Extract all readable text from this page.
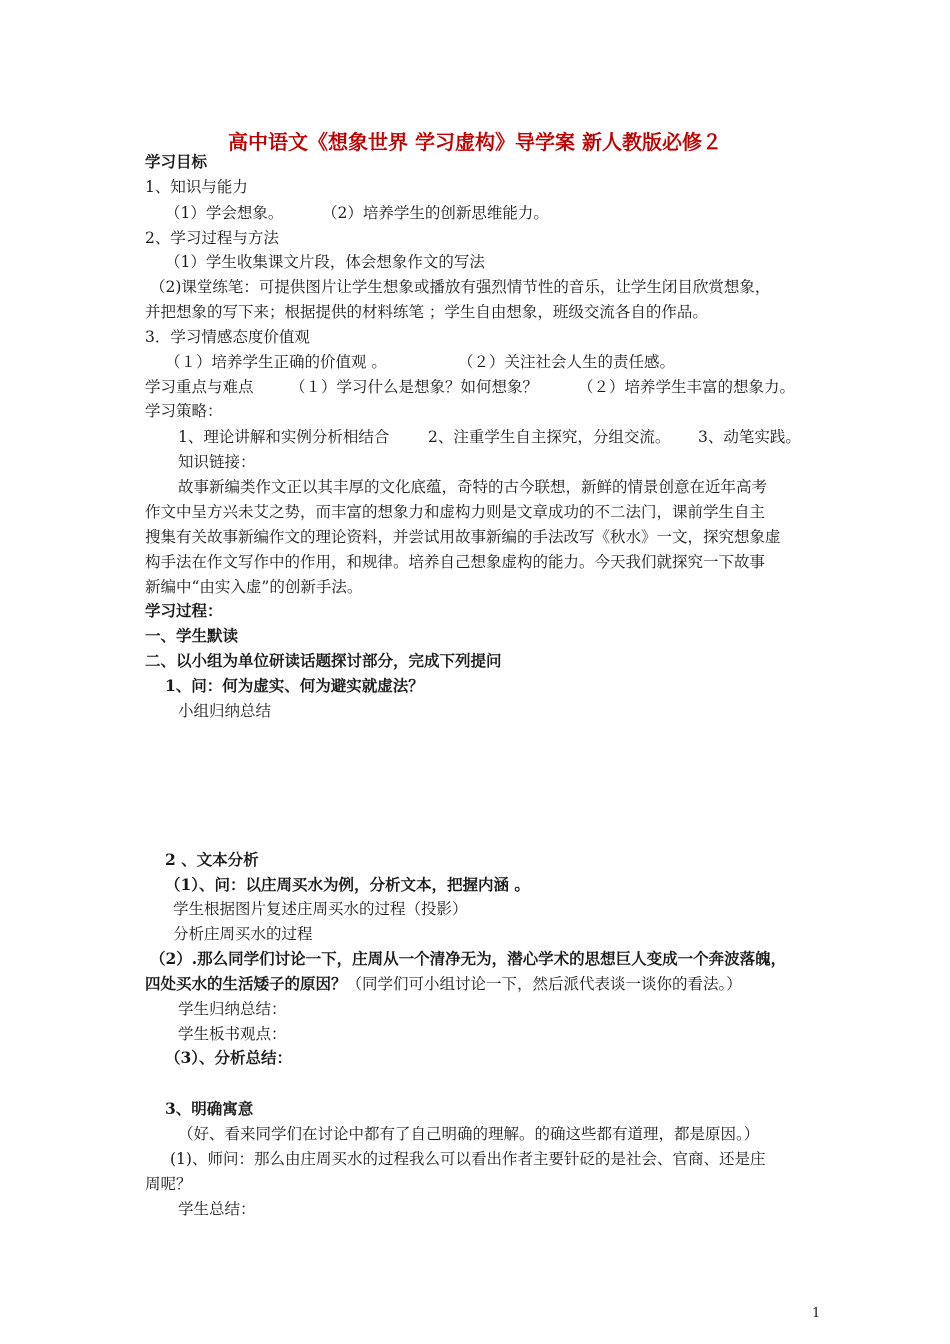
高中语文《想象世界 学习虚构》导学案 新人教版必修２
学习目标
1、知识与能力
（1）学会想象。 （2）培养学生的创新思维能力。
2、学习过程与方法
（1）学生收集课文片段，体会想象作文的写法
（2)课堂练笔：可提供图片让学生想象或播放有强烈情节性的音乐，让学生闭目欣赏想象，
并把想象的写下来；根据提供的材料练笔 ；学生自由想象，班级交流各自的作品。
3．学习情感态度价值观
（１）培养学生正确的价值观 。	（２）关注社会人生的责任感。
学习重点与难点 （１）学习什么是想象？如何想象？	（２）培养学生丰富的想象力。
学习策略：
1、理论讲解和实例分析相结合 2、注重学生自主探究，分组交流。 3、动笔实践。
知识链接：
故事新编类作文正以其丰厚的文化底蕴，奇特的古今联想，新鲜的情景创意在近年高考
作文中呈方兴未艾之势，而丰富的想象力和虚构力则是文章成功的不二法门，课前学生自主
搜集有关故事新编作文的理论资料，并尝试用故事新编的手法改写《秋水》一文，探究想象虚
构手法在作文写作中的作用，和规律。培养自己想象虚构的能力。今天我们就探究一下故事
新编中“由实入虚”的创新手法。
学习过程：
一、学生默读
二、以小组为单位研读话题探讨部分，完成下列提问
1、问：何为虚实、何为避实就虚法？
小组归纳总结
2 、文本分析
（1）、问：以庄周买水为例，分析文本，把握内涵 。
学生根据图片复述庄周买水的过程（投影）
分析庄周买水的过程
（2）.那么同学们讨论一下，庄周从一个清净无为，潜心学术的思想巨人变成一个奔波落魄，
四处买水的生活矮子的原因？（同学们可小组讨论一下，然后派代表谈一谈你的看法。）
学生归纳总结：
学生板书观点：
（3）、分析总结：
3、明确寓意
（好、看来同学们在讨论中都有了自己明确的理解。的确这些都有道理，都是原因。）
(1)、师问：那么由庄周买水的过程我么可以看出作者主要针砭的是社会、官商、还是庄
周呢？
学生总结：
1
